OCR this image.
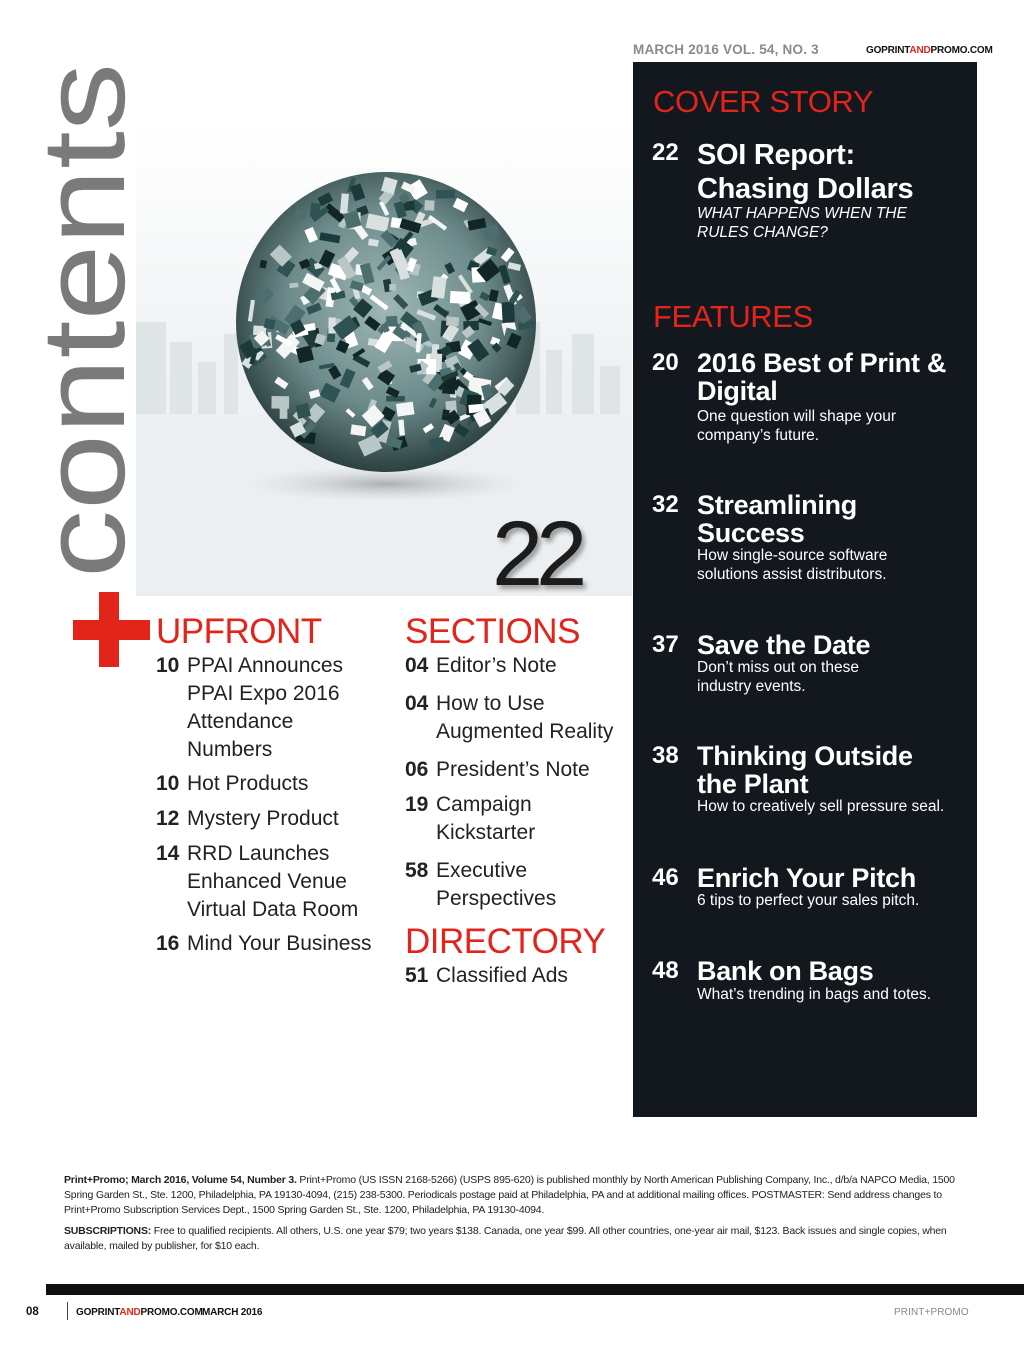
MARCH 2016 VOL. 54, NO. 3	GOPRINTANDPROMO.COM
contents	22
UPFRONT
10 PPAI Announces PPAI Expo 2016 Attendance Numbers
10 Hot Products
12 Mystery Product
14 RRD Launches Enhanced Venue Virtual Data Room
16 Mind Your Business
SECTIONS
04 Editor’s Note
04 How to Use Augmented Reality
06 President’s Note
19 Campaign Kickstarter
58 Executive Perspectives
DIRECTORY
51 Classified Ads
COVER STORY
22 SOI Report: Chasing Dollars
WHAT HAPPENS WHEN THE RULES CHANGE?
FEATURES
20 2016 Best of Print & Digital
One question will shape your company’s future.
32 Streamlining Success
How single-source software solutions assist distributors.
37 Save the Date
Don’t miss out on these industry events.
38 Thinking Outside the Plant
How to creatively sell pressure seal.
46 Enrich Your Pitch
6 tips to perfect your sales pitch.
48 Bank on Bags
What’s trending in bags and totes.
Print+Promo; March 2016, Volume 54, Number 3. Print+Promo (US ISSN 2168-5266) (USPS 895-620) is published monthly by North American Publishing Company, Inc., d/b/a NAPCO Media, 1500 Spring Garden St., Ste. 1200, Philadelphia, PA 19130-4094, (215) 238-5300. Periodicals postage paid at Philadelphia, PA and at additional mailing offices. POSTMASTER: Send address changes to Print+Promo Subscription Services Dept., 1500 Spring Garden St., Ste. 1200, Philadelphia, PA 19130-4094.
SUBSCRIPTIONS: Free to qualified recipients. All others, U.S. one year $79; two years $138. Canada, one year $99. All other countries, one-year air mail, $123. Back issues and single copies, when available, mailed by publisher, for $10 each.
08	GOPRINTANDPROMO.COM MARCH 2016	PRINT+PROMO
